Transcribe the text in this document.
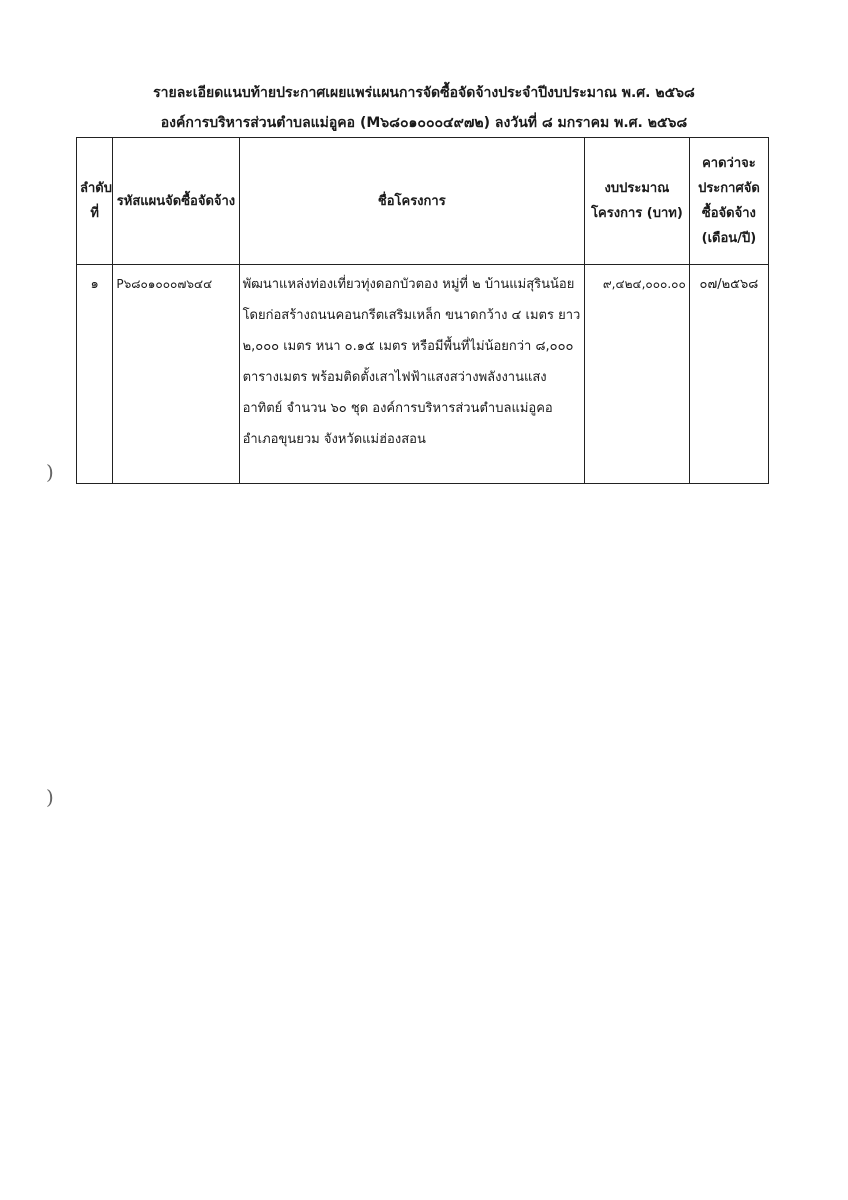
รายละเอียดแนบท้ายประกาศเผยแพร่แผนการจัดซื้อจัดจ้างประจำปีงบประมาณ พ.ศ. ๒๕๖๘
องค์การบริหารส่วนตำบลแม่อูคอ (M๖๘๐๑๐๐๐๔๙๗๒) ลงวันที่ ๘ มกราคม พ.ศ. ๒๕๖๘
ลำดับที่	รหัสแผนจัดซื้อจัดจ้าง	ชื่อโครงการ	งบประมาณโครงการ (บาท)	คาดว่าจะประกาศจัดซื้อจัดจ้าง (เดือน/ปี)
๑	P๖๘๐๑๐๐๐๗๖๔๔	พัฒนาแหล่งท่องเที่ยวทุ่งดอกบัวตอง หมู่ที่ ๒ บ้านแม่สุรินน้อย โดยก่อสร้างถนนคอนกรีตเสริมเหล็ก ขนาดกว้าง ๔ เมตร ยาว ๒,๐๐๐ เมตร หนา ๐.๑๕ เมตร หรือมีพื้นที่ไม่น้อยกว่า ๘,๐๐๐ ตารางเมตร พร้อมติดตั้งเสาไฟฟ้าแสงสว่างพลังงานแสงอาทิตย์ จำนวน ๖๐ ชุด องค์การบริหารส่วนตำบลแม่อูคอ อำเภอขุนยวม จังหวัดแม่ฮ่องสอน	๙,๔๒๔,๐๐๐.๐๐	๐๗/๒๕๖๘
)
)
